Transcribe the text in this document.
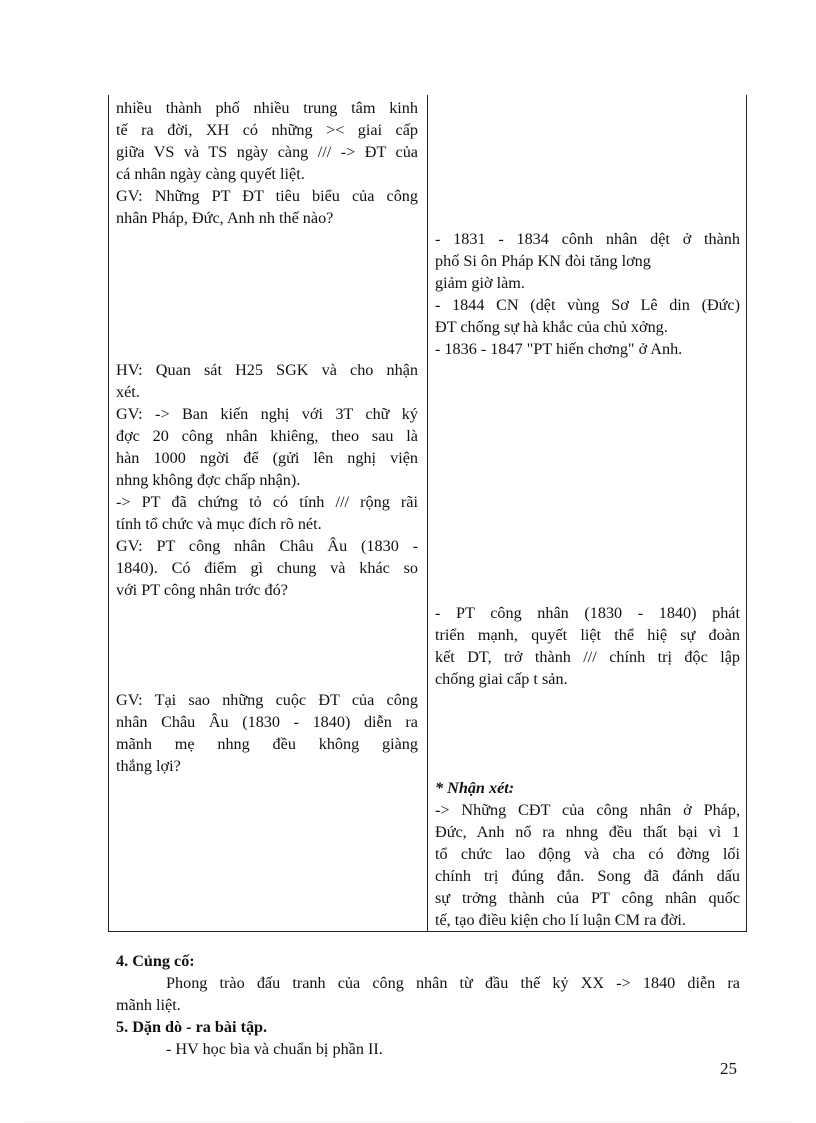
nhiều thành phố nhiều trung tâm kinh
tế ra đời, XH có những >< giai cấp
giữa VS và TS ngày càng /// -> ĐT của
cá nhân ngày càng quyết liệt.
GV: Những PT ĐT tiêu biểu của công
nhân Pháp, Đức, Anh nh thế nào?
- 1831 - 1834 cônh nhân dệt ở thành
phố Si ôn Pháp KN đòi tăng lơng
giảm giờ làm.
- 1844 CN (dệt vùng Sơ Lê din (Đức)
ĐT chống sự hà khắc của chủ xởng.
- 1836 - 1847 "PT hiến chơng" ở Anh.
HV: Quan sát H25 SGK và cho nhận
xét.
GV: -> Ban kiến nghị với 3T chữ ký
đợc 20 công nhân khiêng, theo sau là
hàn 1000 ngời để (gửi lên nghị viện
nhng không đợc chấp nhận).
-> PT đã chứng tỏ có tính /// rộng rãi
tính tổ chức và mục đích rõ nét.
GV: PT công nhân Châu Âu (1830 -
1840). Có điểm gì chung và khác so
với PT công nhân trớc đó?
- PT công nhân (1830 - 1840) phát
triển mạnh, quyết liệt thể hiệ sự đoàn
kết DT, trở thành /// chính trị độc lập
chống giai cấp t sản.
GV: Tại sao những cuộc ĐT của công
nhân Châu Âu (1830 - 1840) diễn ra
mãnh mẹ nhng đều không giàng
thắng lợi?
* Nhận xét:
-> Những CĐT của công nhân ở Pháp,
Đức, Anh nổ ra nhng đều thất bại vì 1
tổ chức lao động và cha có đờng lối
chính trị đúng đắn. Song đã đánh dấu
sự trởng thành của PT công nhân quốc
tế, tạo điều kiện cho lí luận CM ra đời.
4. Củng cố:
Phong trào đấu tranh của công nhân từ đầu thế kỷ XX -> 1840 diễn ra
mãnh liệt.
5. Dặn dò - ra bài tập.
- HV học bìa và chuẩn bị phần II.
25
